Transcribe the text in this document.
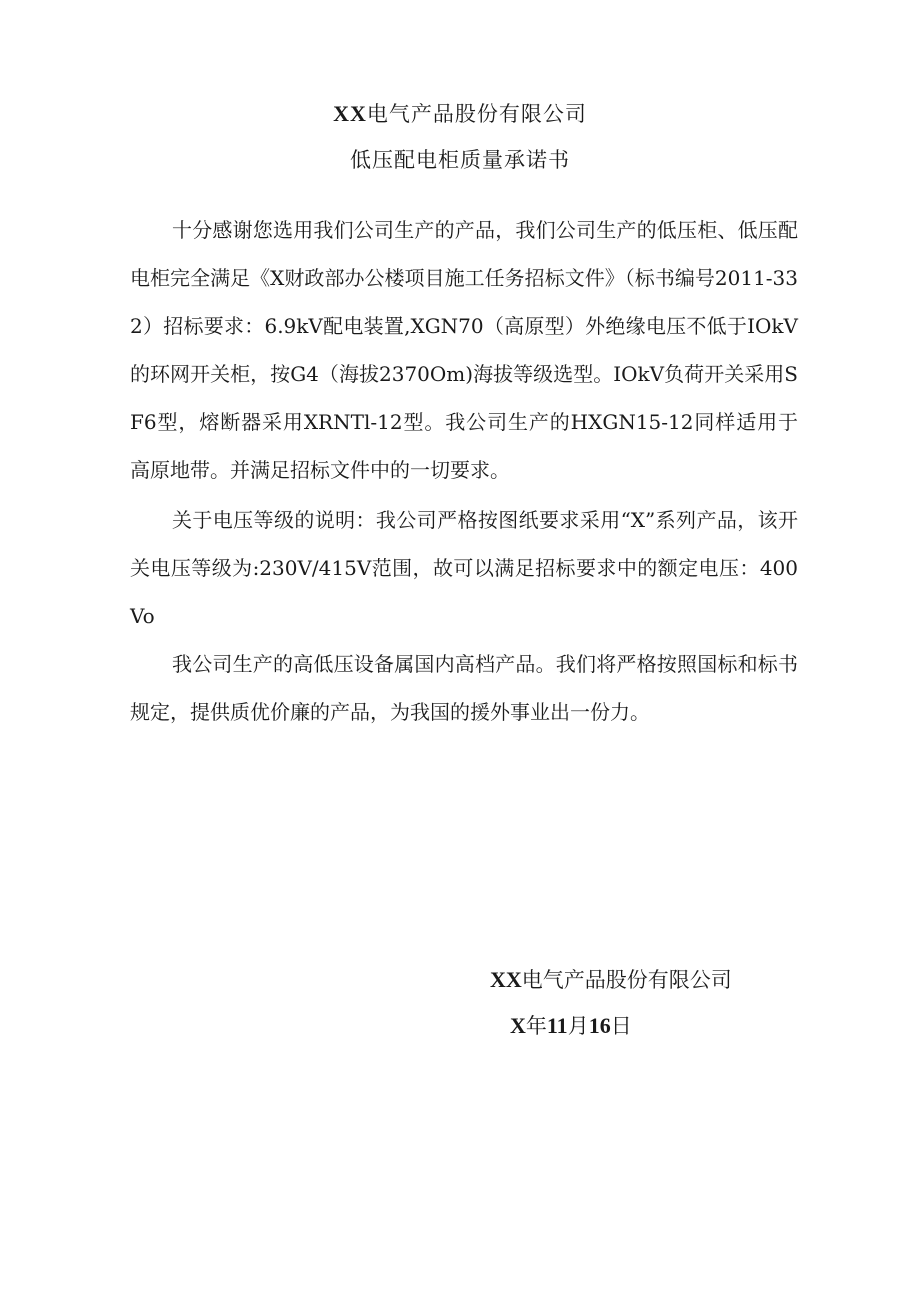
XX电气产品股份有限公司
低压配电柜质量承诺书

十分感谢您选用我们公司生产的产品，我们公司生产的低压柜、低压配电柜完全满足《X财政部办公楼项目施工任务招标文件》（标书编号2011-332）招标要求：6.9kV配电装置,XGN70（高原型）外绝缘电压不低于IOkV的环网开关柜，按G4（海拔2370Om)海拔等级选型。IOkV负荷开关采用SF6型，熔断器采用XRNTl-12型。我公司生产的HXGN15-12同样适用于高原地带。并满足招标文件中的一切要求。

关于电压等级的说明：我公司严格按图纸要求采用“X”系列产品，该开关电压等级为:230V/415V范围，故可以满足招标要求中的额定电压：400Vo

我公司生产的高低压设备属国内高档产品。我们将严格按照国标和标书规定，提供质优价廉的产品，为我国的援外事业出一份力。

XX电气产品股份有限公司

X年11月16日
